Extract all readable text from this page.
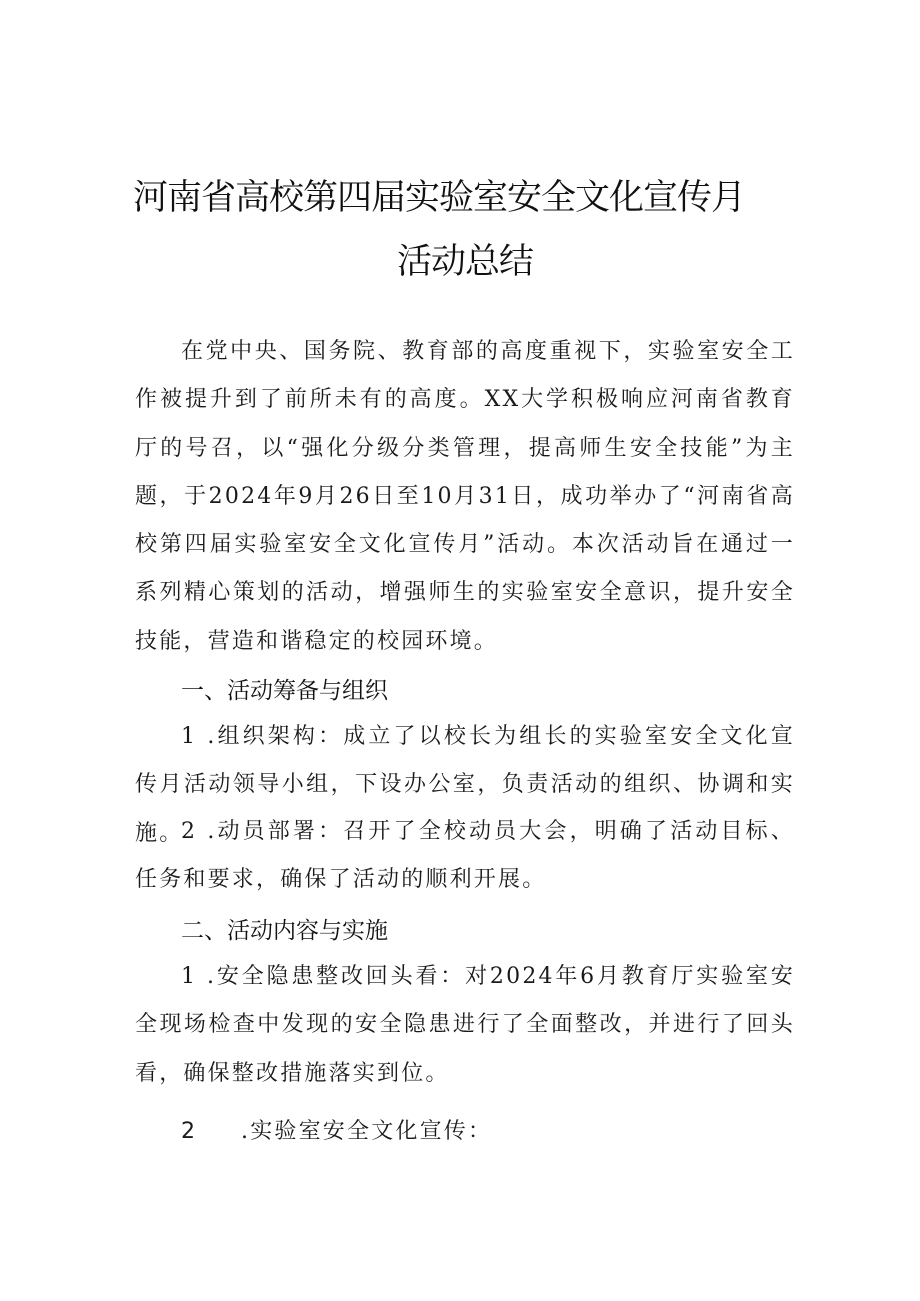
河南省高校第四届实验室安全文化宣传月
活动总结
在党中央、国务院、教育部的高度重视下，实验室安全工作被提升到了前所未有的高度。XX大学积极响应河南省教育厅的号召，以“强化分级分类管理，提高师生安全技能”为主题，于2024年9月26日至10月31日，成功举办了“河南省高校第四届实验室安全文化宣传月”活动。本次活动旨在通过一系列精心策划的活动，增强师生的实验室安全意识，提升安全技能，营造和谐稳定的校园环境。
一、活动筹备与组织
1 .组织架构：成立了以校长为组长的实验室安全文化宣传月活动领导小组，下设办公室，负责活动的组织、协调和实施。
2 .动员部署：召开了全校动员大会，明确了活动目标、任务和要求，确保了活动的顺利开展。
二、活动内容与实施
1 .安全隐患整改回头看：对2024年6月教育厅实验室安全现场检查中发现的安全隐患进行了全面整改，并进行了回头看，确保整改措施落实到位。
2 .实验室安全文化宣传：
